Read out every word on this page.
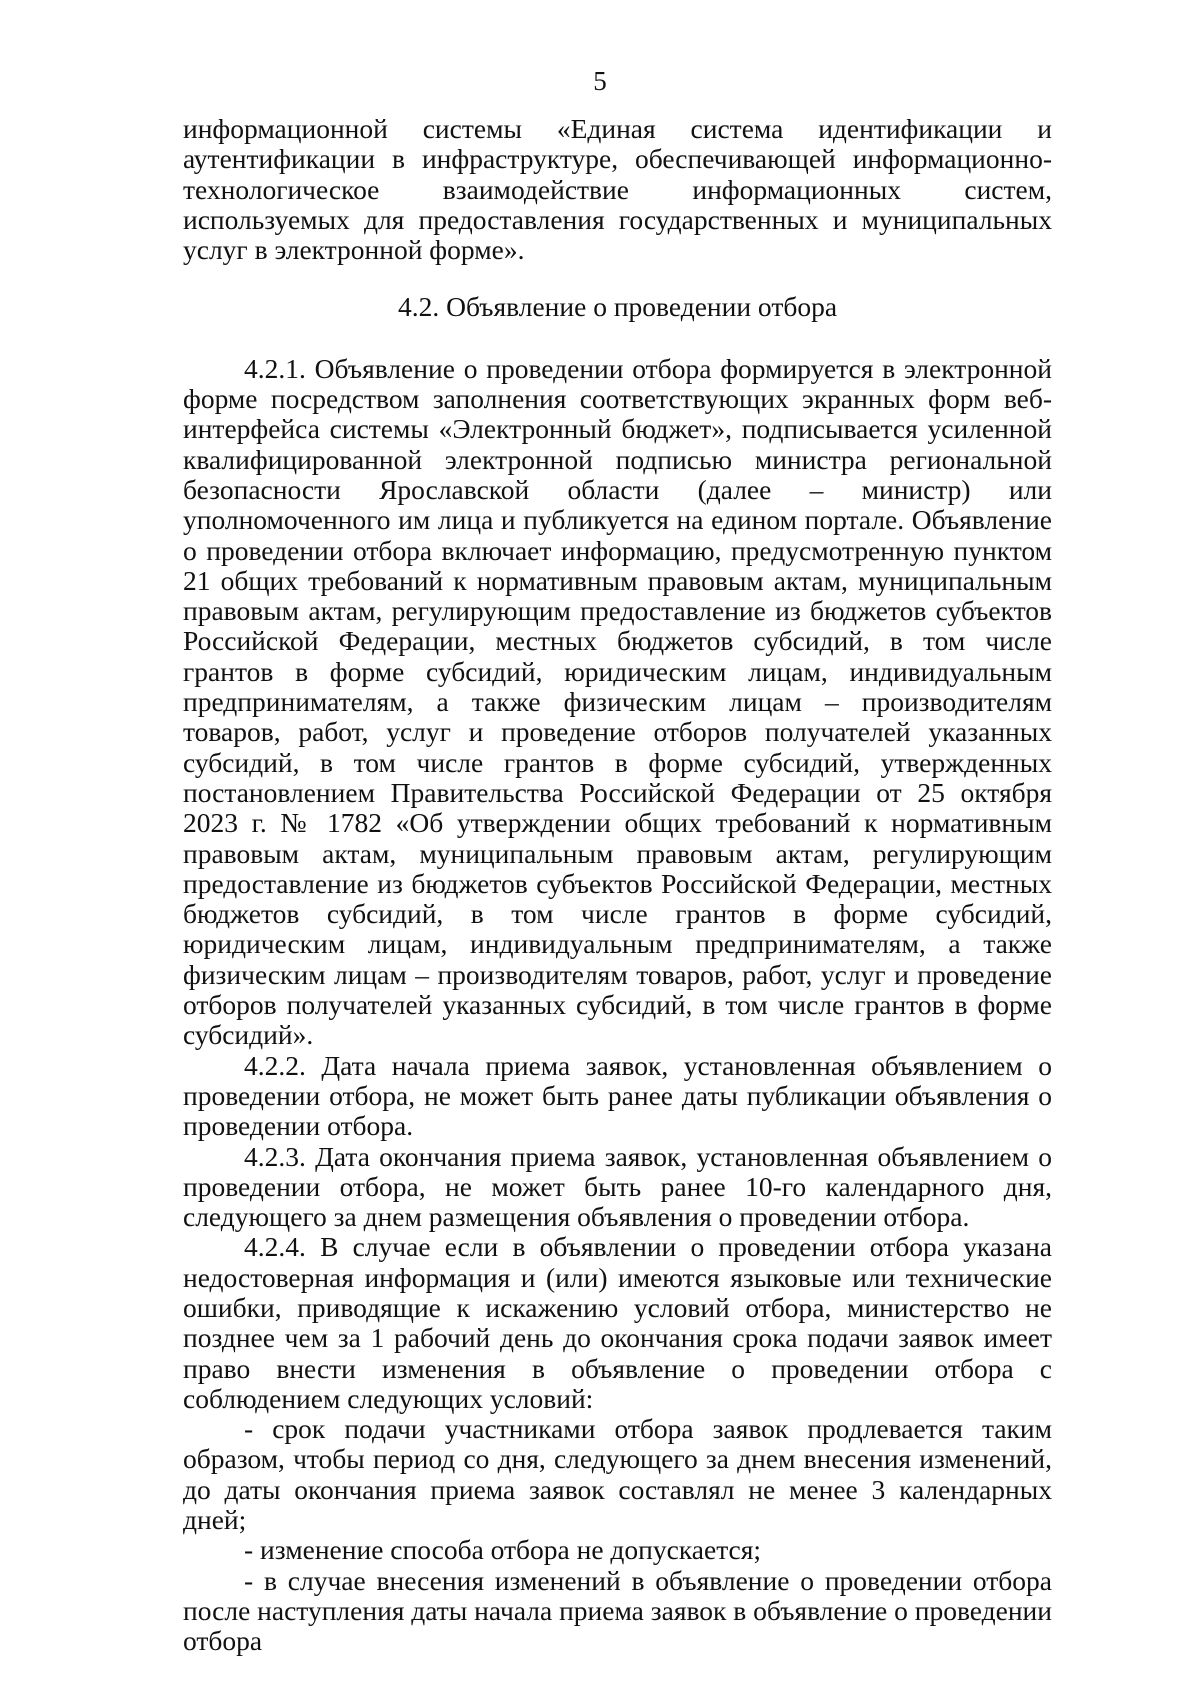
5

информационной системы «Единая система идентификации и аутентификации в инфраструктуре, обеспечивающей информационно-технологическое взаимодействие информационных систем, используемых для предоставления государственных и муниципальных услуг в электронной форме».

4.2. Объявление о проведении отбора

4.2.1. Объявление о проведении отбора формируется в электронной форме посредством заполнения соответствующих экранных форм веб-интерфейса системы «Электронный бюджет», подписывается усиленной квалифицированной электронной подписью министра региональной безопасности Ярославской области (далее – министр) или уполномоченного им лица и публикуется на едином портале. Объявление о проведении отбора включает информацию, предусмотренную пунктом 21 общих требований к нормативным правовым актам, муниципальным правовым актам, регулирующим предоставление из бюджетов субъектов Российской Федерации, местных бюджетов субсидий, в том числе грантов в форме субсидий, юридическим лицам, индивидуальным предпринимателям, а также физическим лицам – производителям товаров, работ, услуг и проведение отборов получателей указанных субсидий, в том числе грантов в форме субсидий, утвержденных постановлением Правительства Российской Федерации от 25 октября 2023 г. № 1782 «Об утверждении общих требований к нормативным правовым актам, муниципальным правовым актам, регулирующим предоставление из бюджетов субъектов Российской Федерации, местных бюджетов субсидий, в том числе грантов в форме субсидий, юридическим лицам, индивидуальным предпринимателям, а также физическим лицам – производителям товаров, работ, услуг и проведение отборов получателей указанных субсидий, в том числе грантов в форме субсидий».

4.2.2. Дата начала приема заявок, установленная объявлением о проведении отбора, не может быть ранее даты публикации объявления о проведении отбора.

4.2.3. Дата окончания приема заявок, установленная объявлением о проведении отбора, не может быть ранее 10-го календарного дня, следующего за днем размещения объявления о проведении отбора.

4.2.4. В случае если в объявлении о проведении отбора указана недостоверная информация и (или) имеются языковые или технические ошибки, приводящие к искажению условий отбора, министерство не позднее чем за 1 рабочий день до окончания срока подачи заявок имеет право внести изменения в объявление о проведении отбора с соблюдением следующих условий:

- срок подачи участниками отбора заявок продлевается таким образом, чтобы период со дня, следующего за днем внесения изменений, до даты окончания приема заявок составлял не менее 3 календарных дней;

- изменение способа отбора не допускается;

- в случае внесения изменений в объявление о проведении отбора после наступления даты начала приема заявок в объявление о проведении отбора
